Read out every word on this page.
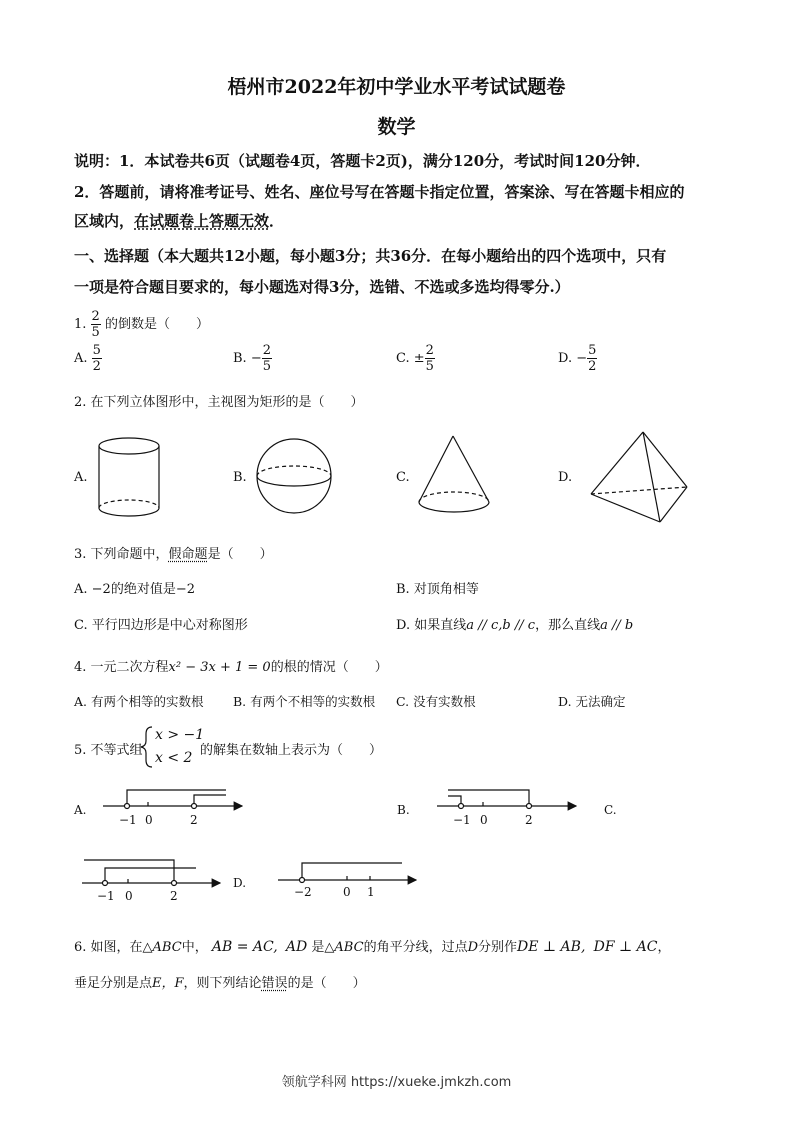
梧州市2022年初中学业水平考试试题卷
数学
说明：1．本试卷共6页（试题卷4页，答题卡2页)，满分120分，考试时间120分钟．
2．答题前，请将准考证号、姓名、座位号写在答题卡指定位置，答案涂、写在答题卡相应的
区域内，在试题卷上答题无效．
一、选择题（本大题共12小题，每小题3分；共36分．在每小题给出的四个选项中，只有
一项是符合题目要求的，每小题选对得3分，选错、不选或多选均得零分.）
1. $\frac{2}{5}$ 的倒数是（　　）
A. $\frac{5}{2}$	B. − $\frac{2}{5}$	C. ± $\frac{2}{5}$	D. − $\frac{5}{2}$
2. 在下列立体图形中，主视图为矩形的是（　　）
A.	B.	C.	D.
3. 下列命题中，假命题是（　　）
A. −2的绝对值是−2	B. 对顶角相等
C. 平行四边形是中心对称图形	D. 如果直线a // c,b // c，那么直线a // b
4. 一元二次方程x² − 3x + 1 = 0的根的情况（　　）
A. 有两个相等的实数根 B. 有两个不相等的实数根 C. 没有实数根	D. 无法确定
5. 不等式组
x > −1
x < 2 的解集在数轴上表示为（　　）
A.
−1 0	2
B.
−1 0	2
C.
−1 0	2
D.
−2	0 1
6. 如图，在△ABC中， AB = AC, AD 是△ABC的角平分线，过点D分别作DE ⊥ AB, DF ⊥ AC，
垂足分别是点E，F，则下列结论错误的是（　　）
领航学科网 https://xueke.jmkzh.com
